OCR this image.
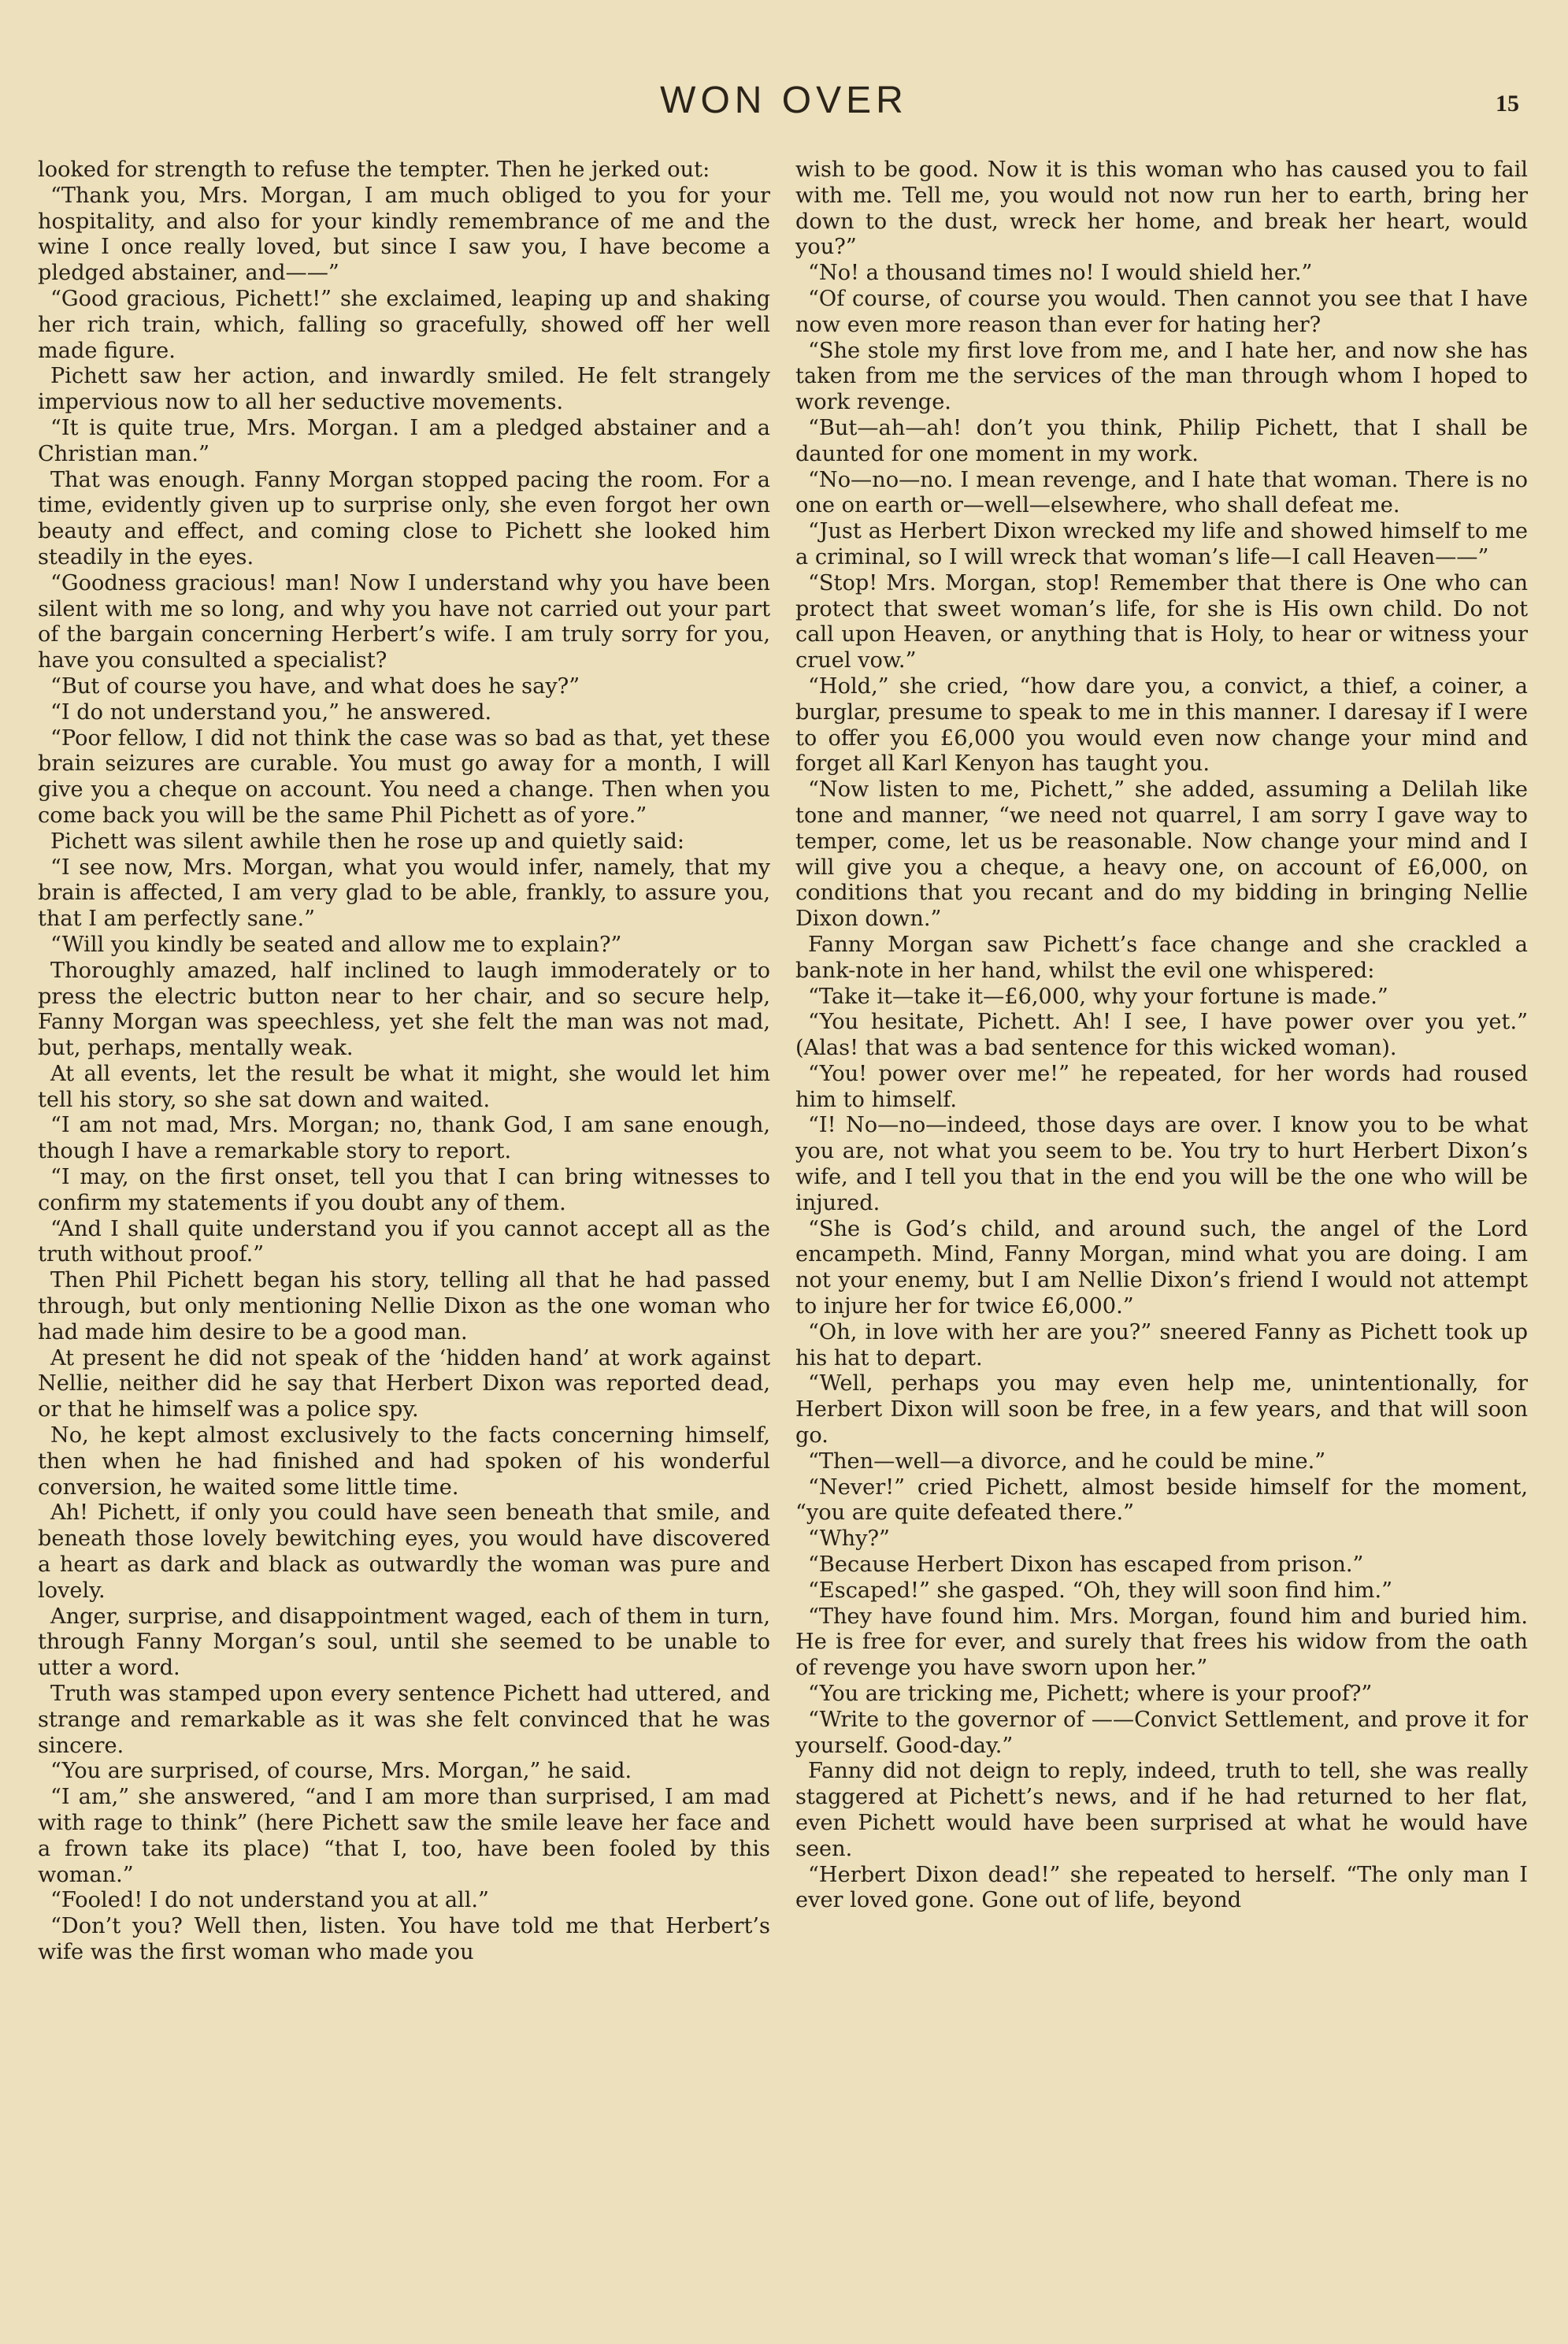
WON OVER	15

looked for strength to refuse the tempter. Then he jerked out:

“Thank you, Mrs. Morgan, I am much obliged to you for your hospitality, and also for your kindly remembrance of me and the wine I once really loved, but since I saw you, I have become a pledged abstainer, and——”

“Good gracious, Pichett!” she exclaimed, leaping up and shaking her rich train, which, falling so gracefully, showed off her well made figure.

Pichett saw her action, and inwardly smiled. He felt strangely impervious now to all her seductive movements.

“It is quite true, Mrs. Morgan. I am a pledged abstainer and a Christian man.”

That was enough. Fanny Morgan stopped pacing the room. For a time, evidently given up to surprise only, she even forgot her own beauty and effect, and coming close to Pichett she looked him steadily in the eyes.

“Goodness gracious! man! Now I understand why you have been silent with me so long, and why you have not carried out your part of the bargain concerning Herbert’s wife. I am truly sorry for you, have you consulted a specialist?

“But of course you have, and what does he say?”

“I do not understand you,” he answered.

“Poor fellow, I did not think the case was so bad as that, yet these brain seizures are curable. You must go away for a month, I will give you a cheque on account. You need a change. Then when you come back you will be the same Phil Pichett as of yore.”

Pichett was silent awhile then he rose up and quietly said:

“I see now, Mrs. Morgan, what you would infer, namely, that my brain is affected, I am very glad to be able, frankly, to assure you, that I am perfectly sane.”

“Will you kindly be seated and allow me to explain?”

Thoroughly amazed, half inclined to laugh immoderately or to press the electric button near to her chair, and so secure help, Fanny Morgan was speechless, yet she felt the man was not mad, but, perhaps, mentally weak.

At all events, let the result be what it might, she would let him tell his story, so she sat down and waited.

“I am not mad, Mrs. Morgan; no, thank God, I am sane enough, though I have a remarkable story to report.

“I may, on the first onset, tell you that I can bring witnesses to confirm my statements if you doubt any of them.

“And I shall quite understand you if you cannot accept all as the truth without proof.”

Then Phil Pichett began his story, telling all that he had passed through, but only mentioning Nellie Dixon as the one woman who had made him desire to be a good man.

At present he did not speak of the ‘hidden hand’ at work against Nellie, neither did he say that Herbert Dixon was reported dead, or that he himself was a police spy.

No, he kept almost exclusively to the facts concerning himself, then when he had finished and had spoken of his wonderful conversion, he waited some little time.

Ah! Pichett, if only you could have seen beneath that smile, and beneath those lovely bewitching eyes, you would have discovered a heart as dark and black as outwardly the woman was pure and lovely.

Anger, surprise, and disappointment waged, each of them in turn, through Fanny Morgan’s soul, until she seemed to be unable to utter a word.

Truth was stamped upon every sentence Pichett had uttered, and strange and remarkable as it was she felt convinced that he was sincere.

“You are surprised, of course, Mrs. Morgan,” he said.

“I am,” she answered, “and I am more than surprised, I am mad with rage to think” (here Pichett saw the smile leave her face and a frown take its place) “that I, too, have been fooled by this woman.”

“Fooled! I do not understand you at all.”

“Don’t you? Well then, listen. You have told me that Herbert’s wife was the first woman who made you

wish to be good. Now it is this woman who has caused you to fail with me. Tell me, you would not now run her to earth, bring her down to the dust, wreck her home, and break her heart, would you?”

“No! a thousand times no! I would shield her.”

“Of course, of course you would. Then cannot you see that I have now even more reason than ever for hating her?

“She stole my first love from me, and I hate her, and now she has taken from me the services of the man through whom I hoped to work revenge.

“But—ah—ah! don’t you think, Philip Pichett, that I shall be daunted for one moment in my work.

“No—no—no. I mean revenge, and I hate that woman. There is no one on earth or—well—elsewhere, who shall defeat me.

“Just as Herbert Dixon wrecked my life and showed himself to me a criminal, so I will wreck that woman’s life—I call Heaven——”

“Stop! Mrs. Morgan, stop! Remember that there is One who can protect that sweet woman’s life, for she is His own child. Do not call upon Heaven, or anything that is Holy, to hear or witness your cruel vow.”

“Hold,” she cried, “how dare you, a convict, a thief, a coiner, a burglar, presume to speak to me in this manner. I daresay if I were to offer you £6,000 you would even now change your mind and forget all Karl Kenyon has taught you.

“Now listen to me, Pichett,” she added, assuming a Delilah like tone and manner, “we need not quarrel, I am sorry I gave way to temper, come, let us be reasonable. Now change your mind and I will give you a cheque, a heavy one, on account of £6,000, on conditions that you recant and do my bidding in bringing Nellie Dixon down.”

Fanny Morgan saw Pichett’s face change and she crackled a bank-note in her hand, whilst the evil one whispered:

“Take it—take it—£6,000, why your fortune is made.”

“You hesitate, Pichett. Ah! I see, I have power over you yet.” (Alas! that was a bad sentence for this wicked woman).

“You! power over me!” he repeated, for her words had roused him to himself.

“I! No—no—indeed, those days are over. I know you to be what you are, not what you seem to be. You try to hurt Herbert Dixon’s wife, and I tell you that in the end you will be the one who will be injured.

“She is God’s child, and around such, the angel of the Lord encampeth. Mind, Fanny Morgan, mind what you are doing. I am not your enemy, but I am Nellie Dixon’s friend I would not attempt to injure her for twice £6,000.”

“Oh, in love with her are you?” sneered Fanny as Pichett took up his hat to depart.

“Well, perhaps you may even help me, unintentionally, for Herbert Dixon will soon be free, in a few years, and that will soon go.

“Then—well—a divorce, and he could be mine.”

“Never!” cried Pichett, almost beside himself for the moment, “you are quite defeated there.”

“Why?”

“Because Herbert Dixon has escaped from prison.”

“Escaped!” she gasped. “Oh, they will soon find him.”

“They have found him. Mrs. Morgan, found him and buried him. He is free for ever, and surely that frees his widow from the oath of revenge you have sworn upon her.”

“You are tricking me, Pichett; where is your proof?”

“Write to the governor of ——Convict Settlement, and prove it for yourself. Good-day.”

Fanny did not deign to reply, indeed, truth to tell, she was really staggered at Pichett’s news, and if he had returned to her flat, even Pichett would have been surprised at what he would have seen.

“Herbert Dixon dead!” she repeated to herself. “The only man I ever loved gone. Gone out of life, beyond
